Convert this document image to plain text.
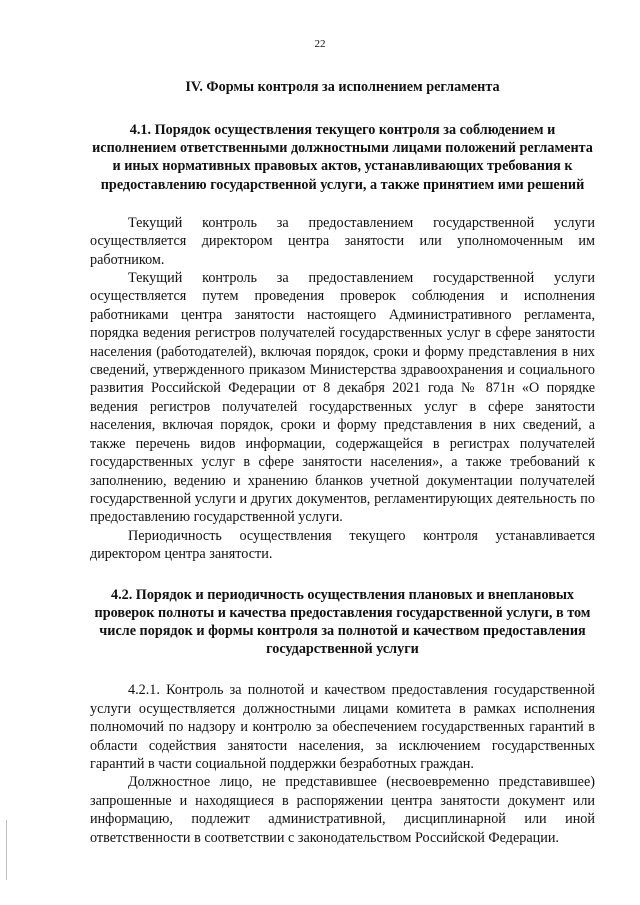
22
IV. Формы контроля за исполнением регламента
4.1. Порядок осуществления текущего контроля за соблюдением и исполнением ответственными должностными лицами положений регламента и иных нормативных правовых актов, устанавливающих требования к предоставлению государственной услуги, а также принятием ими решений

Текущий контроль за предоставлением государственной услуги осуществляется директором центра занятости или уполномоченным им работником.

Текущий контроль за предоставлением государственной услуги осуществляется путем проведения проверок соблюдения и исполнения работниками центра занятости настоящего Административного регламента, порядка ведения регистров получателей государственных услуг в сфере занятости населения (работодателей), включая порядок, сроки и форму представления в них сведений, утвержденного приказом Министерства здравоохранения и социального развития Российской Федерации от 8 декабря 2021 года № 871н «О порядке ведения регистров получателей государственных услуг в сфере занятости населения, включая порядок, сроки и форму представления в них сведений, а также перечень видов информации, содержащейся в регистрах получателей государственных услуг в сфере занятости населения», а также требований к заполнению, ведению и хранению бланков учетной документации получателей государственной услуги и других документов, регламентирующих деятельность по предоставлению государственной услуги.

Периодичность осуществления текущего контроля устанавливается директором центра занятости.

4.2. Порядок и периодичность осуществления плановых и внеплановых проверок полноты и качества предоставления государственной услуги, в том числе порядок и формы контроля за полнотой и качеством предоставления государственной услуги

4.2.1. Контроль за полнотой и качеством предоставления государственной услуги осуществляется должностными лицами комитета в рамках исполнения полномочий по надзору и контролю за обеспечением государственных гарантий в области содействия занятости населения, за исключением государственных гарантий в части социальной поддержки безработных граждан.

Должностное лицо, не представившее (несвоевременно представившее) запрошенные и находящиеся в распоряжении центра занятости документ или информацию, подлежит административной, дисциплинарной или иной ответственности в соответствии с законодательством Российской Федерации.
